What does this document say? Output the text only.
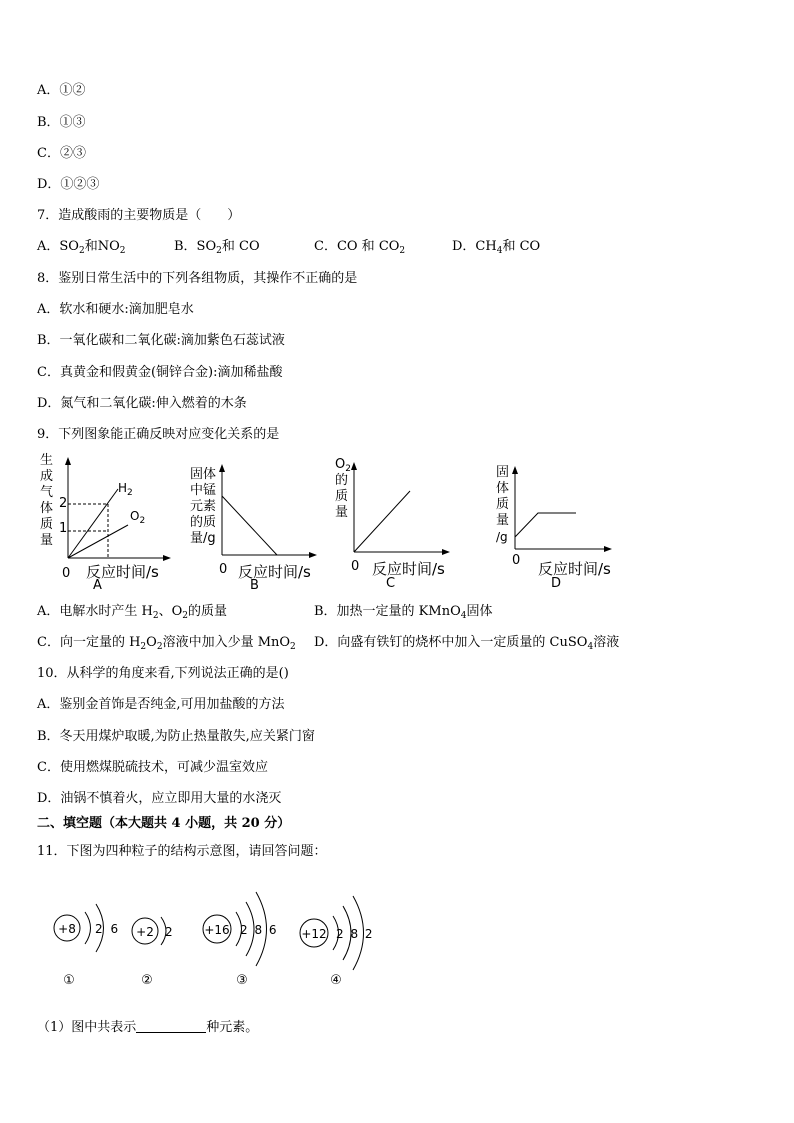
A．①②
B．①③
C．②③
D．①②③
7．造成酸雨的主要物质是（　　）
A．$SO_2$和$NO_2$	B．$SO_2$和 CO	C．CO 和 $CO_2$	D．$CH_4$和 CO
8．鉴别日常生活中的下列各组物质，其操作不正确的是
A．软水和硬水:滴加肥皂水
B．一氧化碳和二氧化碳:滴加紫色石蕊试液
C．真黄金和假黄金(铜锌合金):滴加稀盐酸
D．氮气和二氧化碳:伸入燃着的木条
9．下列图象能正确反映对应变化关系的是
生
成
气
体
质
量
2
1
$H_2$
$O_2$
0 反应时间/s
A
固体
中锰
元素
的质
量/g
0 反应时间/s
B
$O_2$
的
质
量
0 反应时间/s
C
固
体
质
量
/g
0 反应时间/s
D
A．电解水时产生 $H_2$、$O_2$的质量	B．加热一定量的 KMnO$_4$固体
C．向一定量的 $H_2O_2$溶液中加入少量 MnO$_2$ D．向盛有铁钉的烧杯中加入一定质量的 CuSO$_4$溶液
10．从科学的角度来看,下列说法正确的是()
A．鉴别金首饰是否纯金,可用加盐酸的方法
B．冬天用煤炉取暖,为防止热量散失,应关紧门窗
C．使用燃煤脱硫技术，可减少温室效应
D．油锅不慎着火，应立即用大量的水浇灭
二、填空题（本大题共 4 小题，共 20 分）
11．下图为四种粒子的结构示意图，请回答问题：
+8 2 6
①
+2 2
②
+16 2 8 6
③
+12 2 8 2
④
（1）图中共表示	种元素。
